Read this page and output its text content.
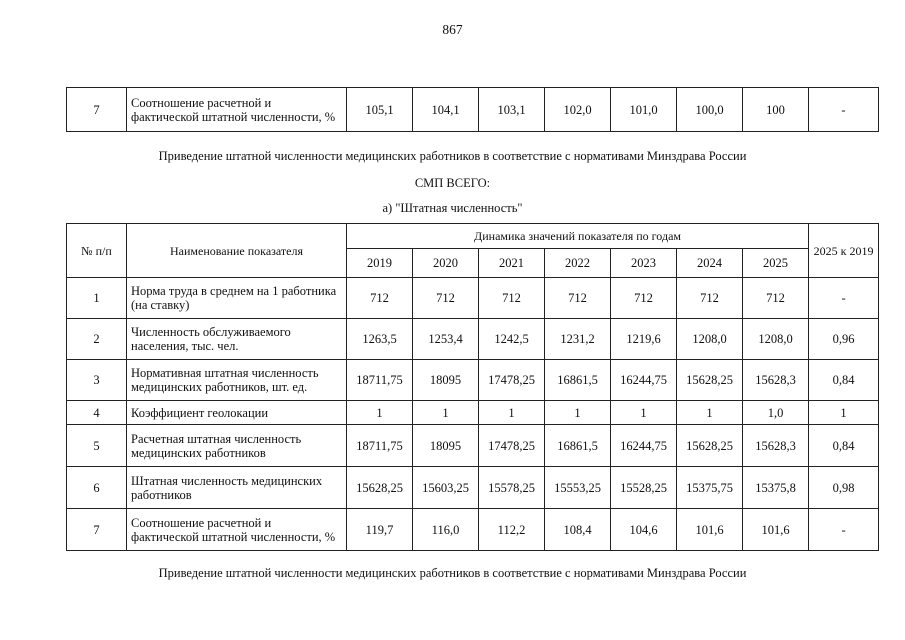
867
7	Соотношение расчетной и фактической штатной численности, %	105,1	104,1	103,1	102,0	101,0	100,0	100	-
Приведение штатной численности медицинских работников в соответствие с нормативами Минздрава России
СМП ВСЕГО:
а) "Штатная численность"
№ п/п	Наименование показателя	Динамика значений показателя по годам							2025 к 2019
		2019	2020	2021	2022	2023	2024	2025	
1	Норма труда в среднем на 1 работника (на ставку)	712	712	712	712	712	712	712	-
2	Численность обслуживаемого населения, тыс. чел.	1263,5	1253,4	1242,5	1231,2	1219,6	1208,0	1208,0	0,96
3	Нормативная штатная численность медицинских работников, шт. ед.	18711,75	18095	17478,25	16861,5	16244,75	15628,25	15628,3	0,84
4	Коэффициент геолокации	1	1	1	1	1	1	1,0	1
5	Расчетная штатная численность медицинских работников	18711,75	18095	17478,25	16861,5	16244,75	15628,25	15628,3	0,84
6	Штатная численность медицинских работников	15628,25	15603,25	15578,25	15553,25	15528,25	15375,75	15375,8	0,98
7	Соотношение расчетной и фактической штатной численности, %	119,7	116,0	112,2	108,4	104,6	101,6	101,6	-
Приведение штатной численности медицинских работников в соответствие с нормативами Минздрава России
